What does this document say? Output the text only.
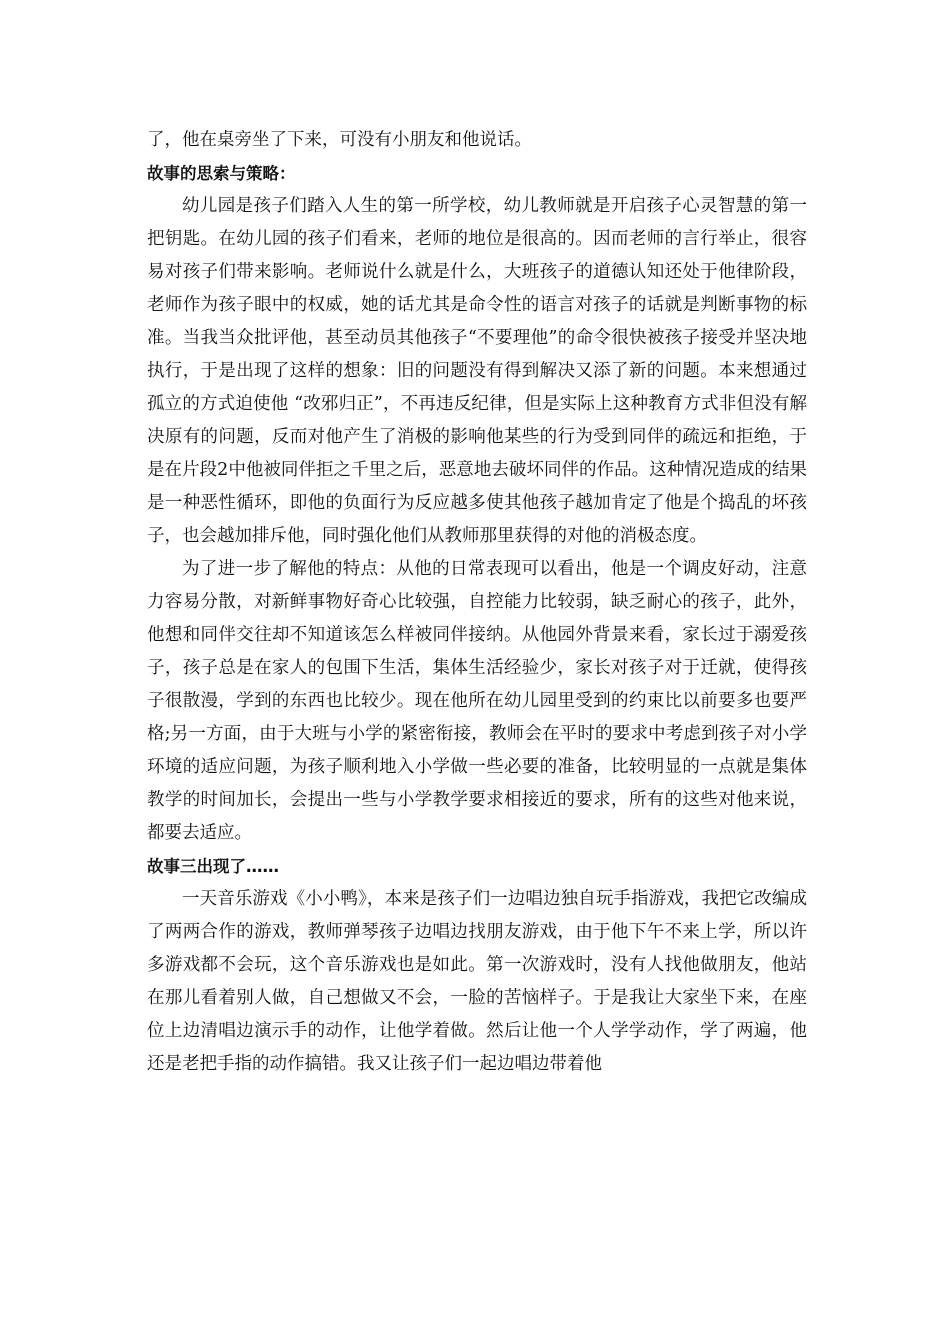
了，他在桌旁坐了下来，可没有小朋友和他说话。

故事的思索与策略：

幼儿园是孩子们踏入人生的第一所学校，幼儿教师就是开启孩子心灵智慧的第一把钥匙。在幼儿园的孩子们看来，老师的地位是很高的。因而老师的言行举止，很容易对孩子们带来影响。老师说什么就是什么，大班孩子的道德认知还处于他律阶段，老师作为孩子眼中的权威，她的话尤其是命令性的语言对孩子的话就是判断事物的标准。当我当众批评他，甚至动员其他孩子“不要理他”的命令很快被孩子接受并坚决地执行，于是出现了这样的想象：旧的问题没有得到解决又添了新的问题。本来想通过孤立的方式迫使他 “改邪归正”，不再违反纪律，但是实际上这种教育方式非但没有解决原有的问题，反而对他产生了消极的影响他某些的行为受到同伴的疏远和拒绝，于是在片段2中他被同伴拒之千里之后，恶意地去破坏同伴的作品。这种情况造成的结果是一种恶性循环，即他的负面行为反应越多使其他孩子越加肯定了他是个捣乱的坏孩子，也会越加排斥他，同时强化他们从教师那里获得的对他的消极态度。

为了进一步了解他的特点：从他的日常表现可以看出，他是一个调皮好动，注意力容易分散，对新鲜事物好奇心比较强，自控能力比较弱，缺乏耐心的孩子，此外，他想和同伴交往却不知道该怎么样被同伴接纳。从他园外背景来看，家长过于溺爱孩子，孩子总是在家人的包围下生活，集体生活经验少，家长对孩子对于迁就，使得孩子很散漫，学到的东西也比较少。现在他所在幼儿园里受到的约束比以前要多也要严格;另一方面，由于大班与小学的紧密衔接，教师会在平时的要求中考虑到孩子对小学环境的适应问题，为孩子顺利地入小学做一些必要的准备，比较明显的一点就是集体教学的时间加长，会提出一些与小学教学要求相接近的要求，所有的这些对他来说，都要去适应。

故事三出现了……

一天音乐游戏《小小鸭》，本来是孩子们一边唱边独自玩手指游戏，我把它改编成了两两合作的游戏，教师弹琴孩子边唱边找朋友游戏，由于他下午不来上学，所以许多游戏都不会玩，这个音乐游戏也是如此。第一次游戏时，没有人找他做朋友，他站在那儿看着别人做，自己想做又不会，一脸的苦恼样子。于是我让大家坐下来，在座位上边清唱边演示手的动作，让他学着做。然后让他一个人学学动作，学了两遍，他还是老把手指的动作搞错。我又让孩子们一起边唱边带着他
